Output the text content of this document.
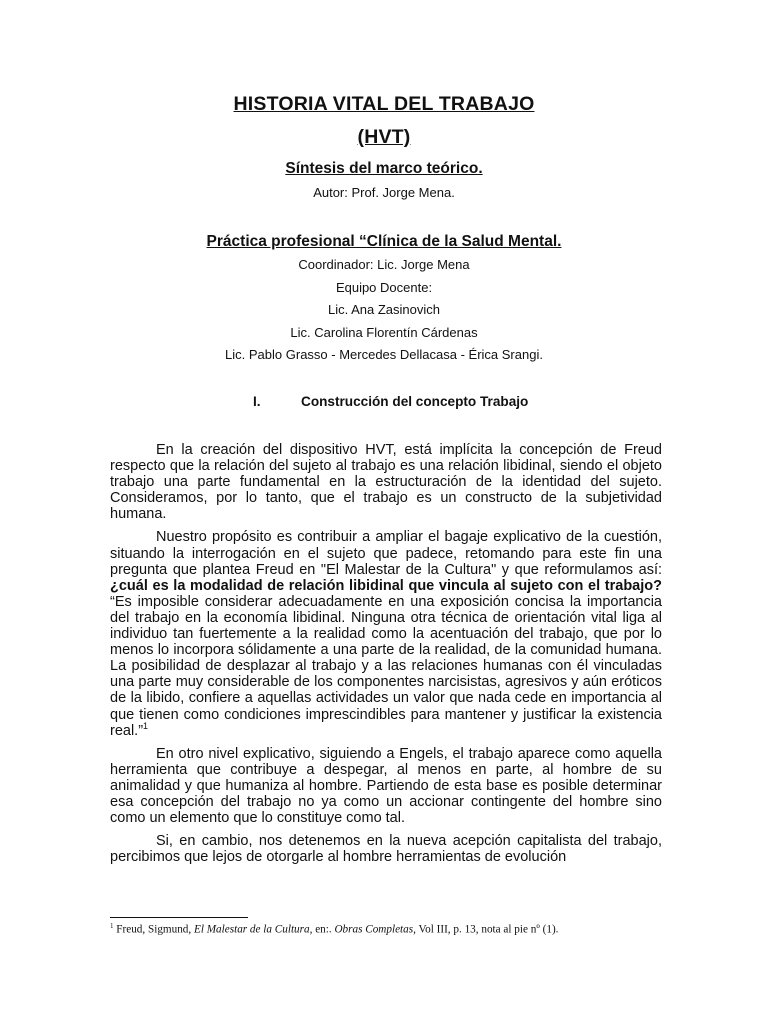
HISTORIA VITAL DEL TRABAJO
(HVT)
Síntesis del marco teórico.
Autor: Prof. Jorge Mena.
Práctica profesional “Clínica de la Salud Mental.
Coordinador: Lic. Jorge Mena
Equipo Docente:
Lic. Ana Zasinovich
Lic. Carolina Florentín Cárdenas
Lic. Pablo Grasso - Mercedes Dellacasa - Érica Srangi.
I.	Construcción del concepto Trabajo

En la creación del dispositivo HVT, está implícita la concepción de Freud respecto que la relación del sujeto al trabajo es una relación libidinal, siendo el objeto trabajo una parte fundamental en la estructuración de la identidad del sujeto. Consideramos, por lo tanto, que el trabajo es un constructo de la subjetividad humana.

Nuestro propósito es contribuir a ampliar el bagaje explicativo de la cuestión, situando la interrogación en el sujeto que padece, retomando para este fin una pregunta que plantea Freud en "El Malestar de la Cultura" y que reformulamos así: ¿cuál es la modalidad de relación libidinal que vincula al sujeto con el trabajo? “Es imposible considerar adecuadamente en una exposición concisa la importancia del trabajo en la economía libidinal. Ninguna otra técnica de orientación vital liga al individuo tan fuertemente a la realidad como la acentuación del trabajo, que por lo menos lo incorpora sólidamente a una parte de la realidad, de la comunidad humana. La posibilidad de desplazar al trabajo y a las relaciones humanas con él vinculadas una parte muy considerable de los componentes narcisistas, agresivos y aún eróticos de la libido, confiere a aquellas actividades un valor que nada cede en importancia al que tienen como condiciones imprescindibles para mantener y justificar la existencia real.”$^1$

En otro nivel explicativo, siguiendo a Engels, el trabajo aparece como aquella herramienta que contribuye a despegar, al menos en parte, al hombre de su animalidad y que humaniza al hombre. Partiendo de esta base es posible determinar esa concepción del trabajo no ya como un accionar contingente del hombre sino como un elemento que lo constituye como tal.

Si, en cambio, nos detenemos en la nueva acepción capitalista del trabajo, percibimos que lejos de otorgarle al hombre herramientas de evolución

$^1$ Freud, Sigmund, El Malestar de la Cultura, en:. Obras Completas, Vol III, p. 13, nota al pie nº (1).
